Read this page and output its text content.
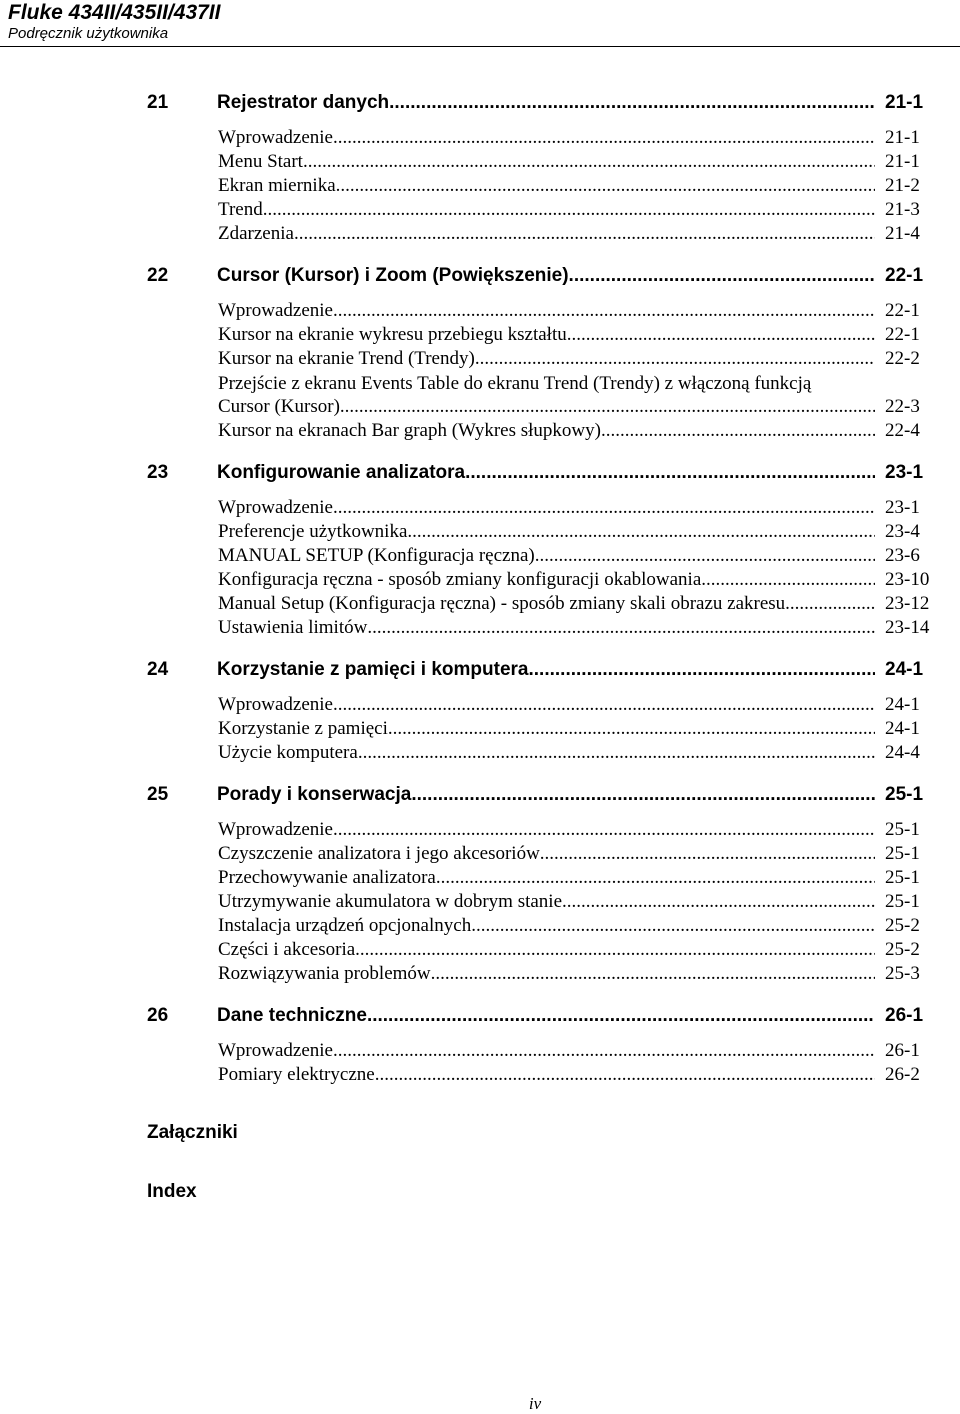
Fluke 434II/435II/437II
Podręcznik użytkownika
21	Rejestrator danych .....	21-1
Wprowadzenie .....	21-1
Menu Start .....	21-1
Ekran miernika .....	21-2
Trend .....	21-3
Zdarzenia .....	21-4
22	Cursor (Kursor) i Zoom (Powiększenie) .....	22-1
Wprowadzenie .....	22-1
Kursor na ekranie wykresu przebiegu kształtu .....	22-1
Kursor na ekranie Trend (Trendy) .....	22-2
Przejście z ekranu Events Table do ekranu Trend (Trendy) z włączoną funkcją
Cursor (Kursor) .....	22-3
Kursor na ekranach Bar graph (Wykres słupkowy) .....	22-4
23	Konfigurowanie analizatora .....	23-1
Wprowadzenie .....	23-1
Preferencje użytkownika .....	23-4
MANUAL SETUP (Konfiguracja ręczna) .....	23-6
Konfiguracja ręczna - sposób zmiany konfiguracji okablowania. .....	23-10
Manual Setup (Konfiguracja ręczna) - sposób zmiany skali obrazu zakresu. .....	23-12
Ustawienia limitów .....	23-14
24	Korzystanie z pamięci i komputera .....	24-1
Wprowadzenie .....	24-1
Korzystanie z pamięci .....	24-1
Użycie komputera .....	24-4
25	Porady i konserwacja .....	25-1
Wprowadzenie .....	25-1
Czyszczenie analizatora i jego akcesoriów .....	25-1
Przechowywanie analizatora .....	25-1
Utrzymywanie akumulatora w dobrym stanie .....	25-1
Instalacja urządzeń opcjonalnych .....	25-2
Części i akcesoria .....	25-2
Rozwiązywania problemów .....	25-3
26	Dane techniczne .....	26-1
Wprowadzenie .....	26-1
Pomiary elektryczne .....	26-2
Załączniki
Index
iv
